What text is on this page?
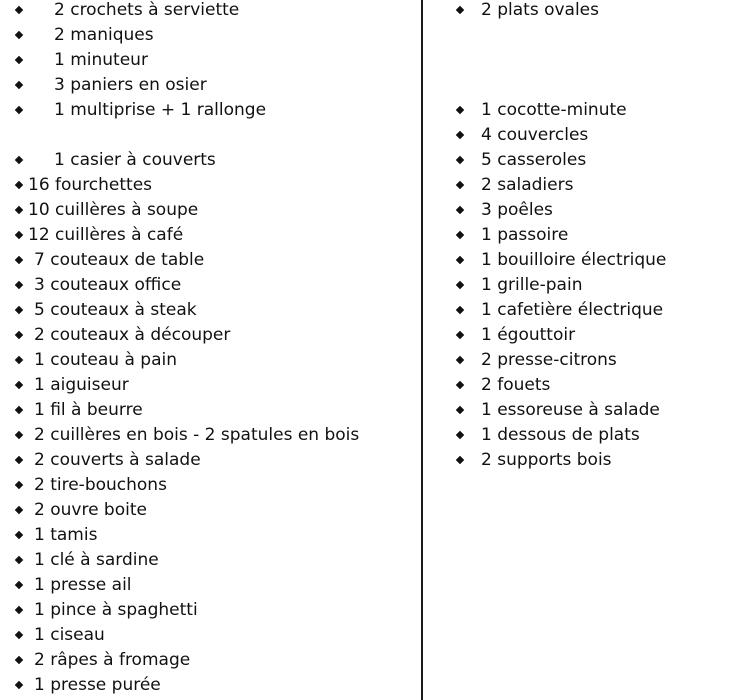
2 crochets à serviette
2 maniques
1 minuteur
3 paniers en osier
1 multiprise + 1 rallonge
1 casier à couverts
16 fourchettes
10 cuillères à soupe
12 cuillères à café
7 couteaux de table
3 couteaux office
5 couteaux à steak
2 couteaux à découper
1 couteau à pain
1 aiguiseur
1 fil à beurre
2 cuillères en bois - 2 spatules en bois
2 couverts à salade
2 tire-bouchons
2 ouvre boite
1 tamis
1 clé à sardine
1 presse ail
1 pince à spaghetti
1 ciseau
2 râpes à fromage
1 presse purée
2 plats ovales
1 cocotte-minute
4 couvercles
5 casseroles
2 saladiers
3 poêles
1 passoire
1 bouilloire électrique
1 grille-pain
1 cafetière électrique
1 égouttoir
2 presse-citrons
2 fouets
1 essoreuse à salade
1 dessous de plats
2 supports bois
